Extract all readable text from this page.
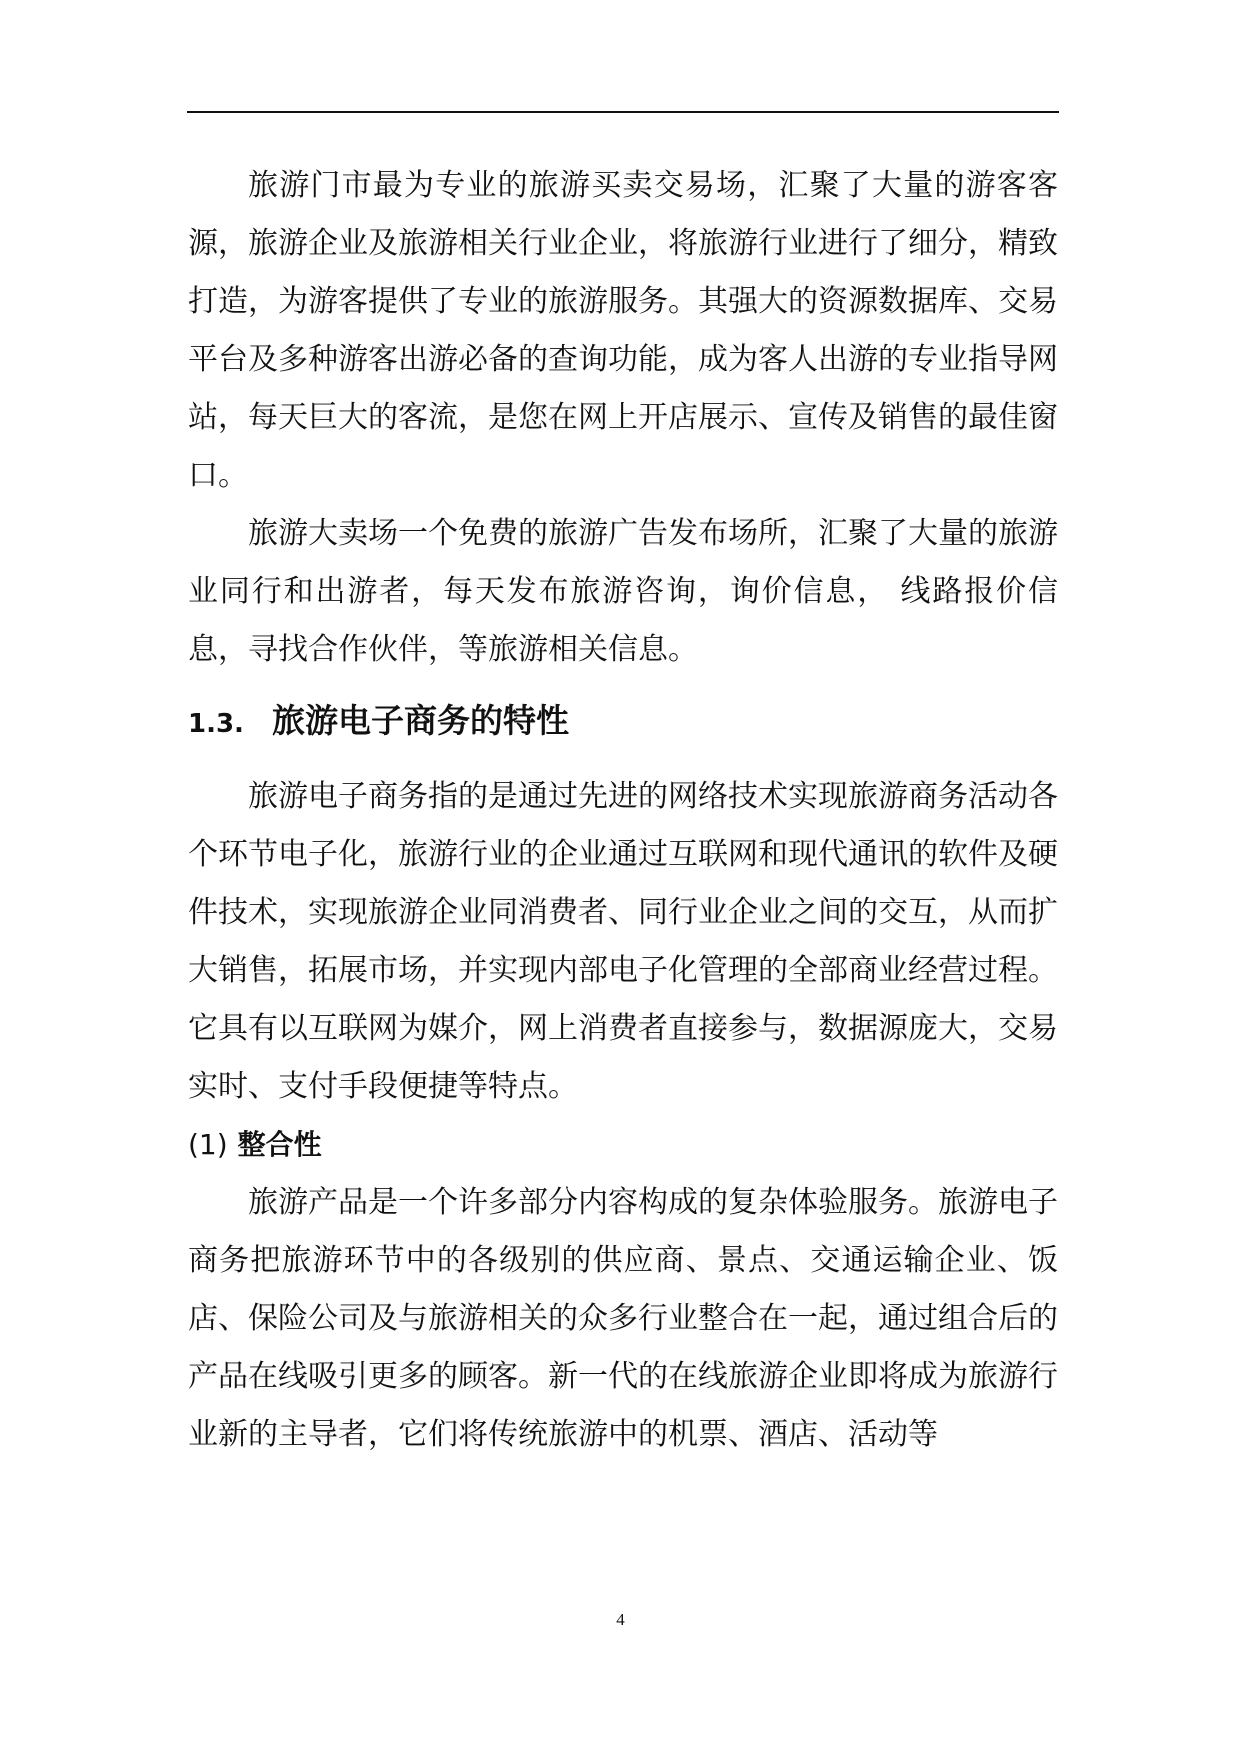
旅游门市最为专业的旅游买卖交易场，汇聚了大量的游客客源，旅游企业及旅游相关行业企业，将旅游行业进行了细分，精致打造，为游客提供了专业的旅游服务。其强大的资源数据库、交易平台及多种游客出游必备的查询功能，成为客人出游的专业指导网站，每天巨大的客流，是您在网上开店展示、宣传及销售的最佳窗口。

旅游大卖场一个免费的旅游广告发布场所，汇聚了大量的旅游业同行和出游者，每天发布旅游咨询，询价信息， 线路报价信息，寻找合作伙伴，等旅游相关信息。

1.3. 旅游电子商务的特性

旅游电子商务指的是通过先进的网络技术实现旅游商务活动各个环节电子化，旅游行业的企业通过互联网和现代通讯的软件及硬件技术，实现旅游企业同消费者、同行业企业之间的交互，从而扩大销售，拓展市场，并实现内部电子化管理的全部商业经营过程。它具有以互联网为媒介，网上消费者直接参与，数据源庞大，交易实时、支付手段便捷等特点。

(1) 整合性

旅游产品是一个许多部分内容构成的复杂体验服务。旅游电子商务把旅游环节中的各级别的供应商、景点、交通运输企业、饭店、保险公司及与旅游相关的众多行业整合在一起，通过组合后的产品在线吸引更多的顾客。新一代的在线旅游企业即将成为旅游行业新的主导者，它们将传统旅游中的机票、酒店、活动等

4
